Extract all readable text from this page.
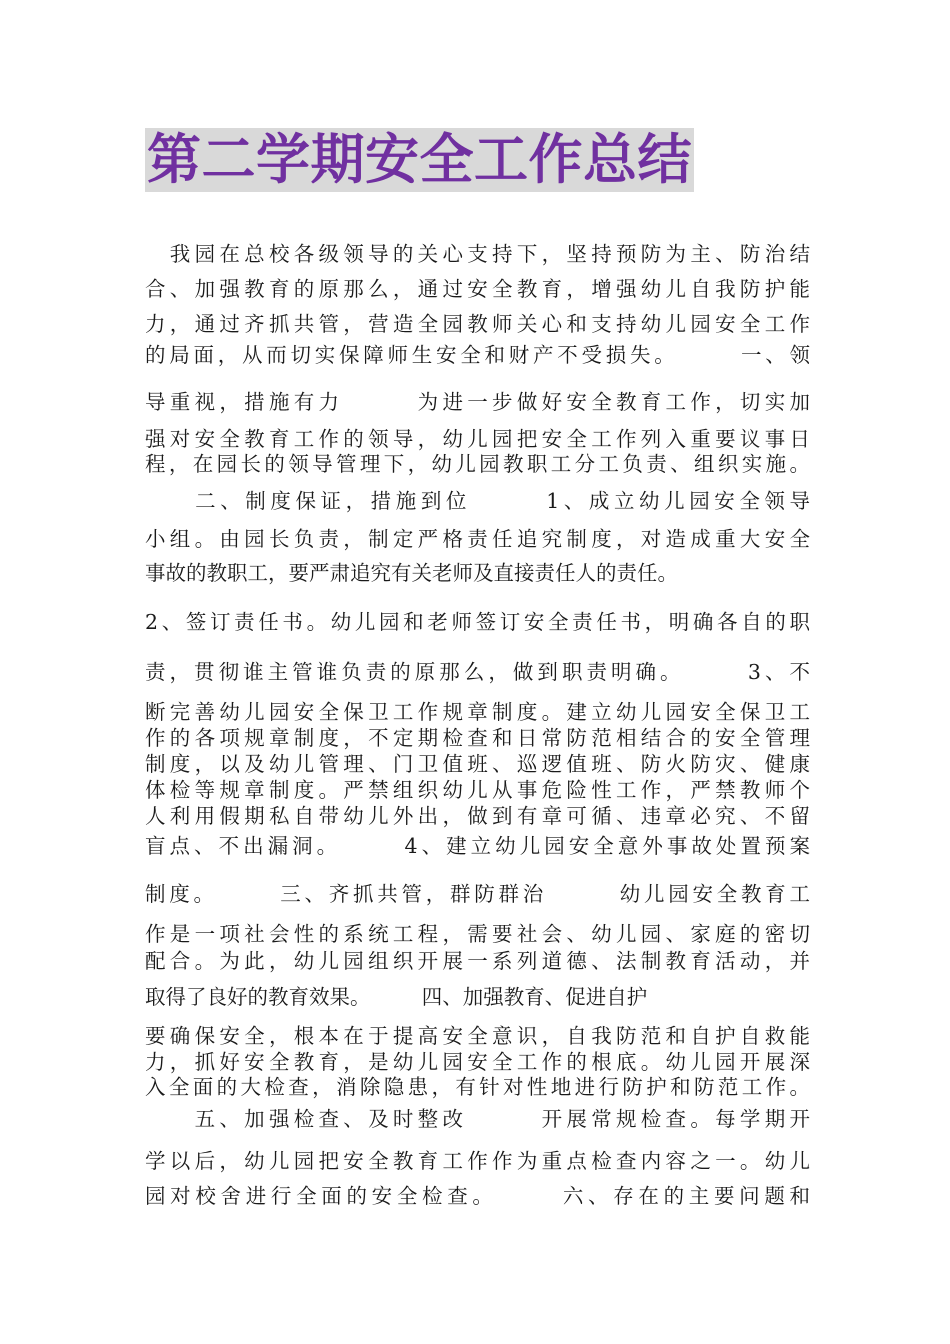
第二学期安全工作总结
　我园在总校各级领导的关心支持下，坚持预防为主、防治结
合、加强教育的原那么，通过安全教育，增强幼儿自我防护能
力，通过齐抓共管，营造全园教师关心和支持幼儿园安全工作
的局面，从而切实保障师生安全和财产不受损失。　　　一、领
导重视，措施有力　　　为进一步做好安全教育工作，切实加
强对安全教育工作的领导，幼儿园把安全工作列入重要议事日
程，在园长的领导管理下，幼儿园教职工分工负责、组织实施。
　　二、制度保证，措施到位　　　1、成立幼儿园安全领导
小组。由园长负责，制定严格责任追究制度，对造成重大安全
事故的教职工，要严肃追究有关老师及直接责任人的责任。
2、签订责任书。幼儿园和老师签订安全责任书，明确各自的职
责，贯彻谁主管谁负责的原那么，做到职责明确。　　　3、不
断完善幼儿园安全保卫工作规章制度。建立幼儿园安全保卫工
作的各项规章制度，不定期检查和日常防范相结合的安全管理
制度，以及幼儿管理、门卫值班、巡逻值班、防火防灾、健康
体检等规章制度。严禁组织幼儿从事危险性工作，严禁教师个
人利用假期私自带幼儿外出，做到有章可循、违章必究、不留
盲点、不出漏洞。　　　4、建立幼儿园安全意外事故处置预案
制度。　　　三、齐抓共管，群防群治　　　幼儿园安全教育工
作是一项社会性的系统工程，需要社会、幼儿园、家庭的密切
配合。为此，幼儿园组织开展一系列道德、法制教育活动，并
取得了良好的教育效果。　　　四、加强教育、促进自护
要确保安全，根本在于提高安全意识，自我防范和自护自救能
力，抓好安全教育，是幼儿园安全工作的根底。幼儿园开展深
入全面的大检查，消除隐患，有针对性地进行防护和防范工作。
　　五、加强检查、及时整改　　　开展常规检查。每学期开
学以后，幼儿园把安全教育工作作为重点检查内容之一。幼儿
园对校舍进行全面的安全检查。　　　六、存在的主要问题和
